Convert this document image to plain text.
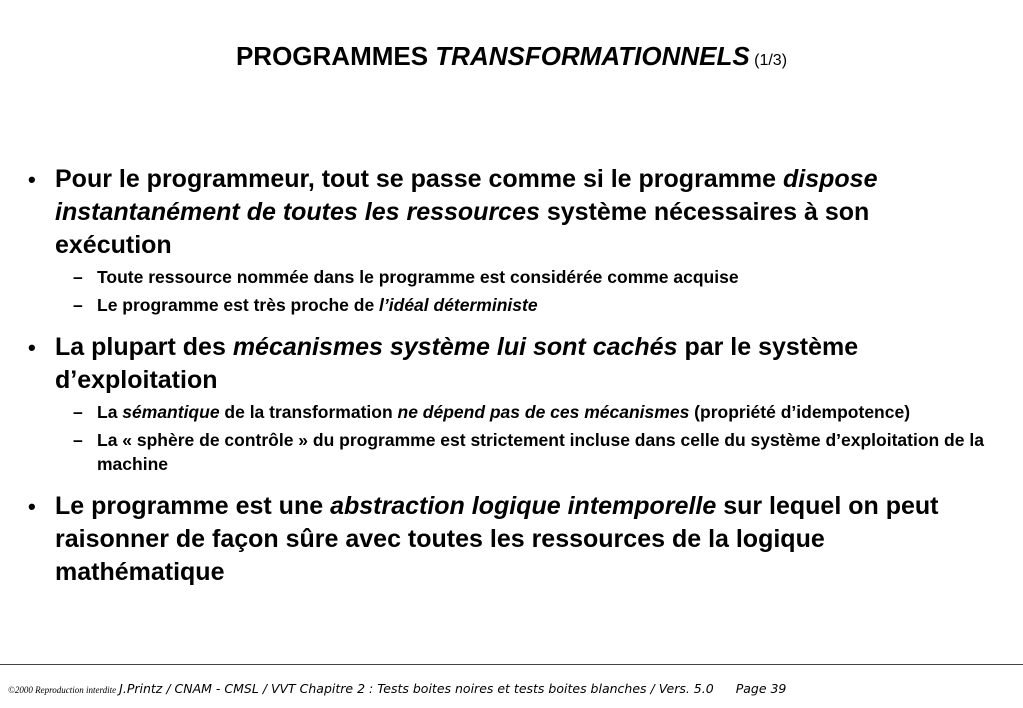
PROGRAMMES TRANSFORMATIONNELS (1/3)
• Pour le programmeur, tout se passe comme si le programme dispose instantanément de toutes les ressources système nécessaires à son exécution
– Toute ressource nommée dans le programme est considérée comme acquise
– Le programme est très proche de l’idéal déterministe
• La plupart des mécanismes système lui sont cachés par le système d’exploitation
– La sémantique de la transformation ne dépend pas de ces mécanismes (propriété d’idempotence)
– La « sphère de contrôle » du programme est strictement incluse dans celle du système d’exploitation de la machine
• Le programme est une abstraction logique intemporelle sur lequel on peut raisonner de façon sûre avec toutes les ressources de la logique mathématique
©2000 Reproduction interdite J.Printz / CNAM - CMSL / VVT Chapitre 2 : Tests boites noires et tests boites blanches / Vers. 5.0 Page 39
